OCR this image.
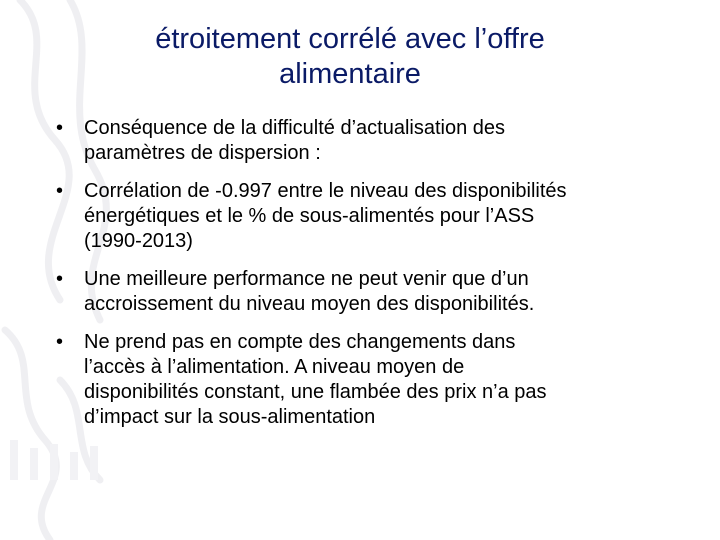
étroitement corrélé avec l’offre
alimentaire
•	Conséquence de la difficulté d’actualisation des
paramètres de dispersion :
•	Corrélation de -0.997 entre le niveau des disponibilités
énergétiques et le % de sous-alimentés pour l’ASS
(1990-2013)
•	Une meilleure performance ne peut venir que d’un
accroissement du niveau moyen des disponibilités.
•	Ne prend pas en compte des changements dans
l’accès à l’alimentation. A niveau moyen de
disponibilités constant, une flambée des prix n’a pas
d’impact sur la sous-alimentation
